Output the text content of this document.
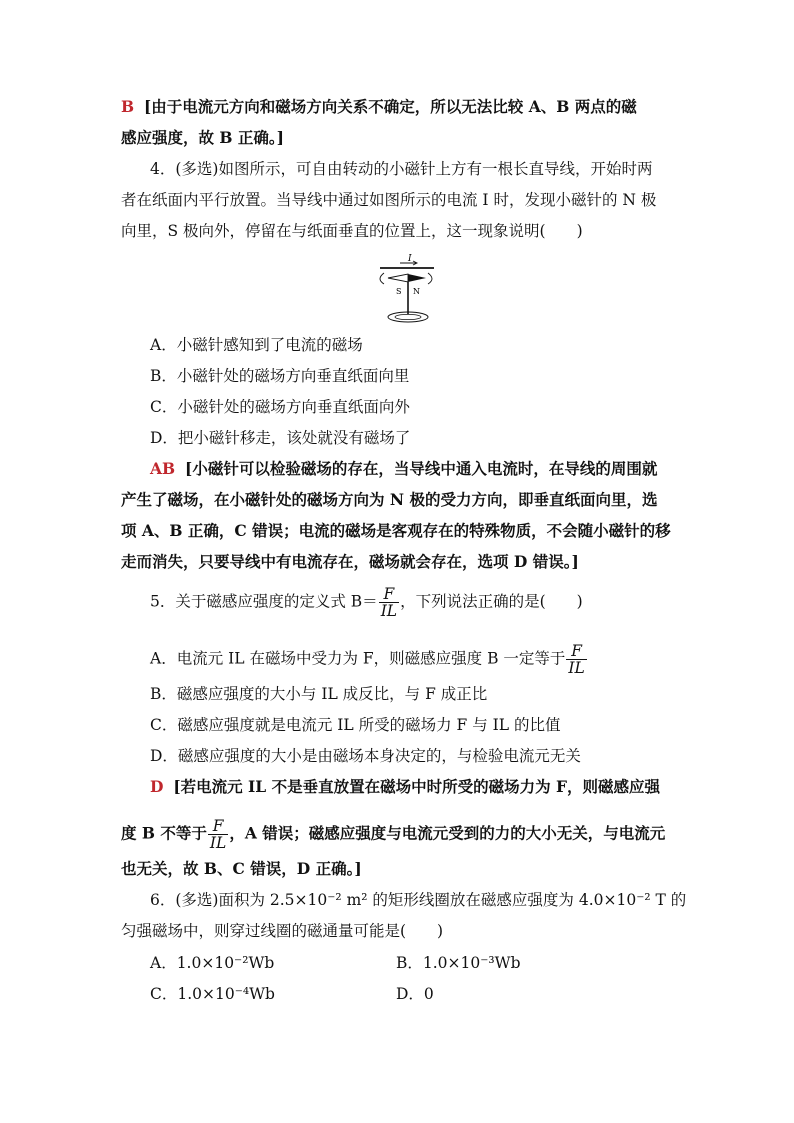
B [由于电流元方向和磁场方向关系不确定，所以无法比较 A、B 两点的磁
感应强度，故 B 正确。]
4．(多选)如图所示，可自由转动的小磁针上方有一根长直导线，开始时两
者在纸面内平行放置。当导线中通过如图所示的电流 I 时，发现小磁针的 N 极
向里，S 极向外，停留在与纸面垂直的位置上，这一现象说明(　　)
I
S N
A．小磁针感知到了电流的磁场
B．小磁针处的磁场方向垂直纸面向里
C．小磁针处的磁场方向垂直纸面向外
D．把小磁针移走，该处就没有磁场了
AB [小磁针可以检验磁场的存在，当导线中通入电流时，在导线的周围就
产生了磁场，在小磁针处的磁场方向为 N 极的受力方向，即垂直纸面向里，选
项 A、B 正确，C 错误；电流的磁场是客观存在的特殊物质，不会随小磁针的移
走而消失，只要导线中有电流存在，磁场就会存在，选项 D 错误。]
5．关于磁感应强度的定义式 $B= \frac{F}{IL}$ ，下列说法正确的是(　　)
A．电流元 IL 在磁场中受力为 F，则磁感应强度 B 一定等于 $\frac{F}{IL}$
B．磁感应强度的大小与 IL 成反比，与 F 成正比
C．磁感应强度就是电流元 IL 所受的磁场力 F 与 IL 的比值
D．磁感应强度的大小是由磁场本身决定的，与检验电流元无关
D [若电流元 IL 不是垂直放置在磁场中时所受的磁场力为 F，则磁感应强
度 B 不等于 $\frac{F}{IL}$ ，A 错误；磁感应强度与电流元受到的力的大小无关，与电流元
也无关，故 B、C 错误，D 正确。]
6．(多选)面积为 2.5×10⁻² m² 的矩形线圈放在磁感应强度为 4.0×10⁻² T 的
匀强磁场中，则穿过线圈的磁通量可能是(　　)
A．1.0×10⁻²Wb	B．1.0×10⁻³Wb
C．1.0×10⁻⁴Wb	D．0
